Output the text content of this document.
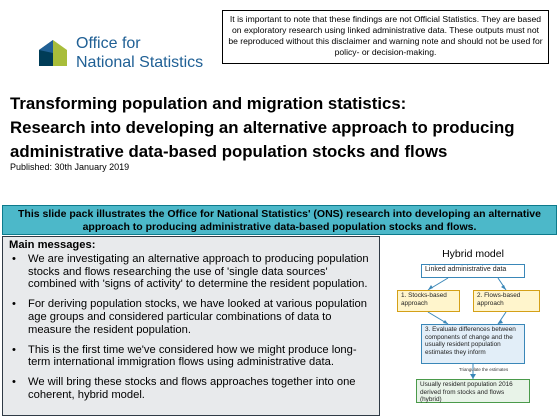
Office for
National Statistics
It is important to note that these findings are not Official Statistics. They are based on exploratory research using linked administrative data. These outputs must not be reproduced without this disclaimer and warning note and should not be used for policy- or decision-making.
Transforming population and migration statistics:
Research into developing an alternative approach to producing
administrative data-based population stocks and flows
Published: 30th January 2019
This slide pack illustrates the Office for National Statistics' (ONS) research into developing an alternative approach to producing administrative data-based population stocks and flows.
Main messages:
• We are investigating an alternative approach to producing population stocks and flows researching the use of 'single data sources' combined with 'signs of activity' to determine the resident population.
• For deriving population stocks, we have looked at various population age groups and considered particular combinations of data to measure the resident population.
• This is the first time we've considered how we might produce long-term international immigration flows using administrative data.
• We will bring these stocks and flows approaches together into one coherent, hybrid model.
Hybrid model
Linked administrative data
1. Stocks-based approach
2. Flows-based approach
3. Evaluate differences between components of change and the usually resident population estimates they inform
Triangulate the estimates
Usually resident population 2016 derived from stocks and flows (hybrid)
